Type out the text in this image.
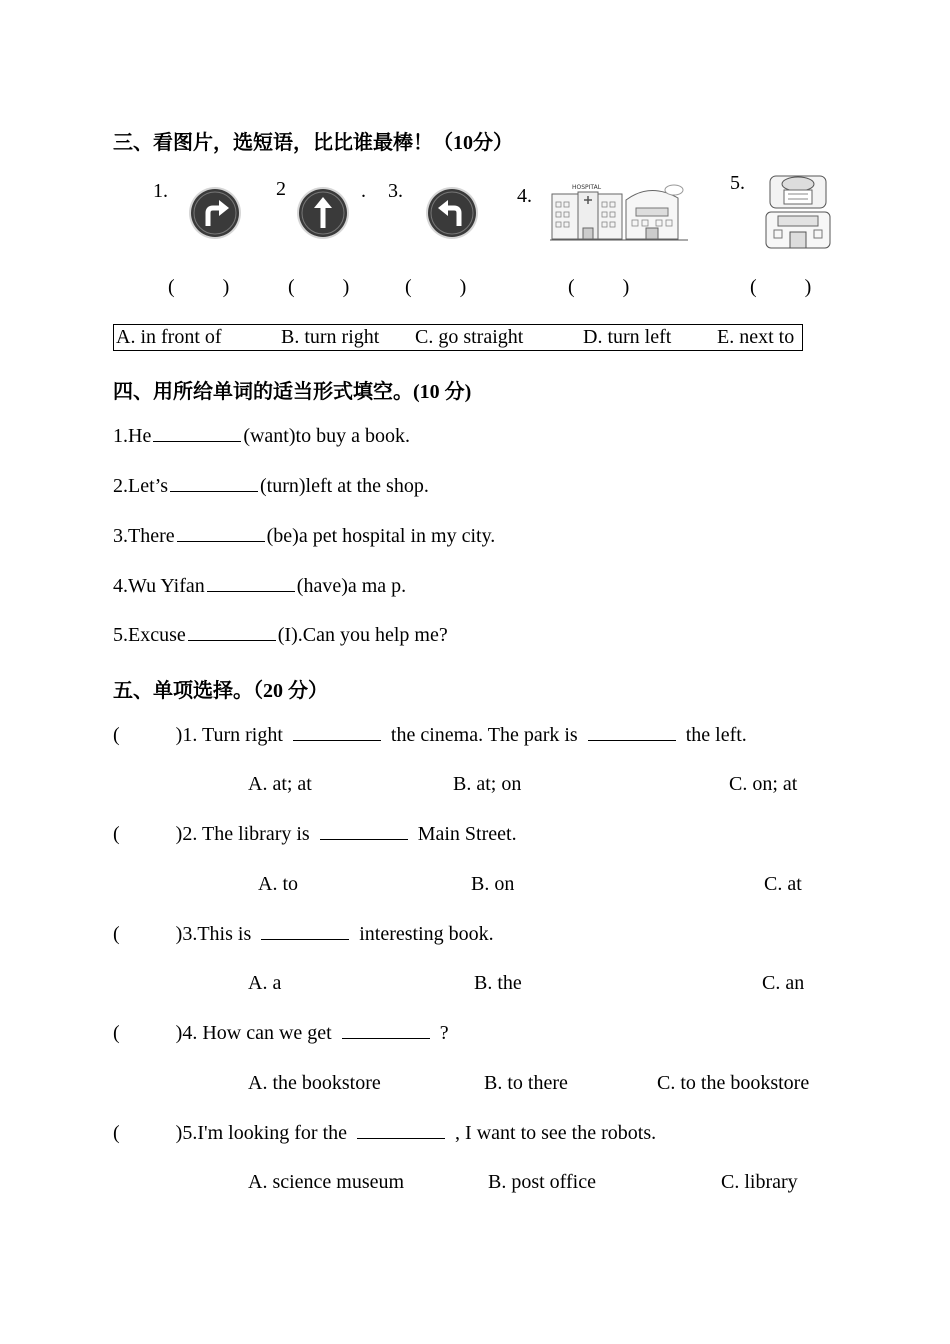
三、看图片，选短语，比比谁最棒！（10分）
1.	2	. 3.	4.	HOSPITAL	5.
( )	( )	( )	( )	( )
A. in front of	B. turn right C. go straight	D. turn left E. next to
四、用所给单词的适当形式填空。(10 分)
1.He	(want)to buy a book.
2.Let’s	(turn)left at the shop.
3.There	(be)a pet hospital in my city.
4.Wu Yifan	(have)a ma p.
5.Excuse	(I).Can you help me?
五、单项选择。（20 分）
(	)1. Turn right	the cinema. The park is	the left.
A. at; at	B. at; on	C. on; at
(	)2. The library is	Main Street.
A. to	B. on	C. at
(	)3.This is	interesting book.
A. a	B. the	C. an
(	)4. How can we get	?
A. the bookstore	B. to there	C. to the bookstore
(	)5.I'm looking for the	, I want to see the robots.
A. science museum	B. post office	C. library
